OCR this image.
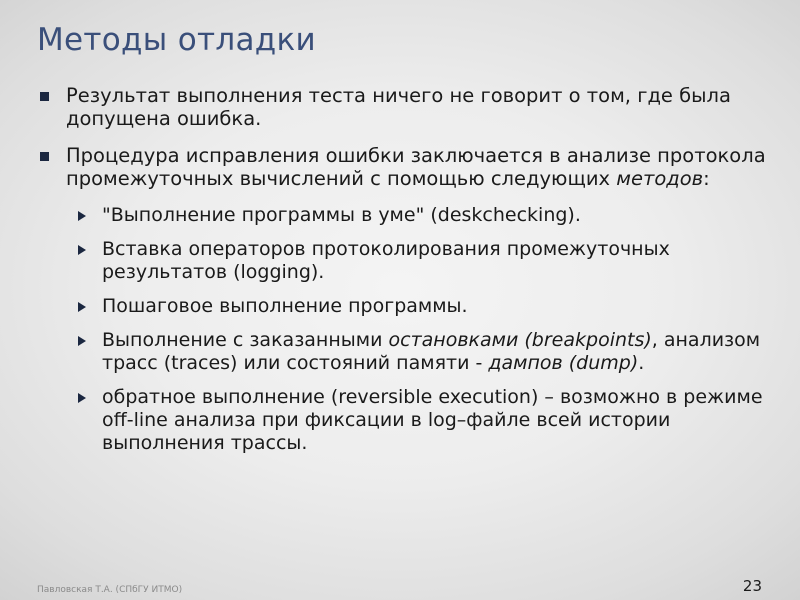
Методы отладки
Результат выполнения теста ничего не говорит о том, где была допущена ошибка.
Процедура исправления ошибки заключается в анализе протокола промежуточных вычислений с помощью следующих методов:
"Выполнение программы в уме" (deskchecking).
Вставка операторов протоколирования промежуточных результатов (logging).
Пошаговое выполнение программы.
Выполнение с заказанными остановками (breakpoints), анализом трасс (traces) или состояний памяти - дампов (dump).
обратное выполнение (reversible execution) – возможно в режиме off-line анализа при фиксации в log–файле всей истории выполнения трассы.
Павловская Т.А. (СПбГУ ИТМО)	23
